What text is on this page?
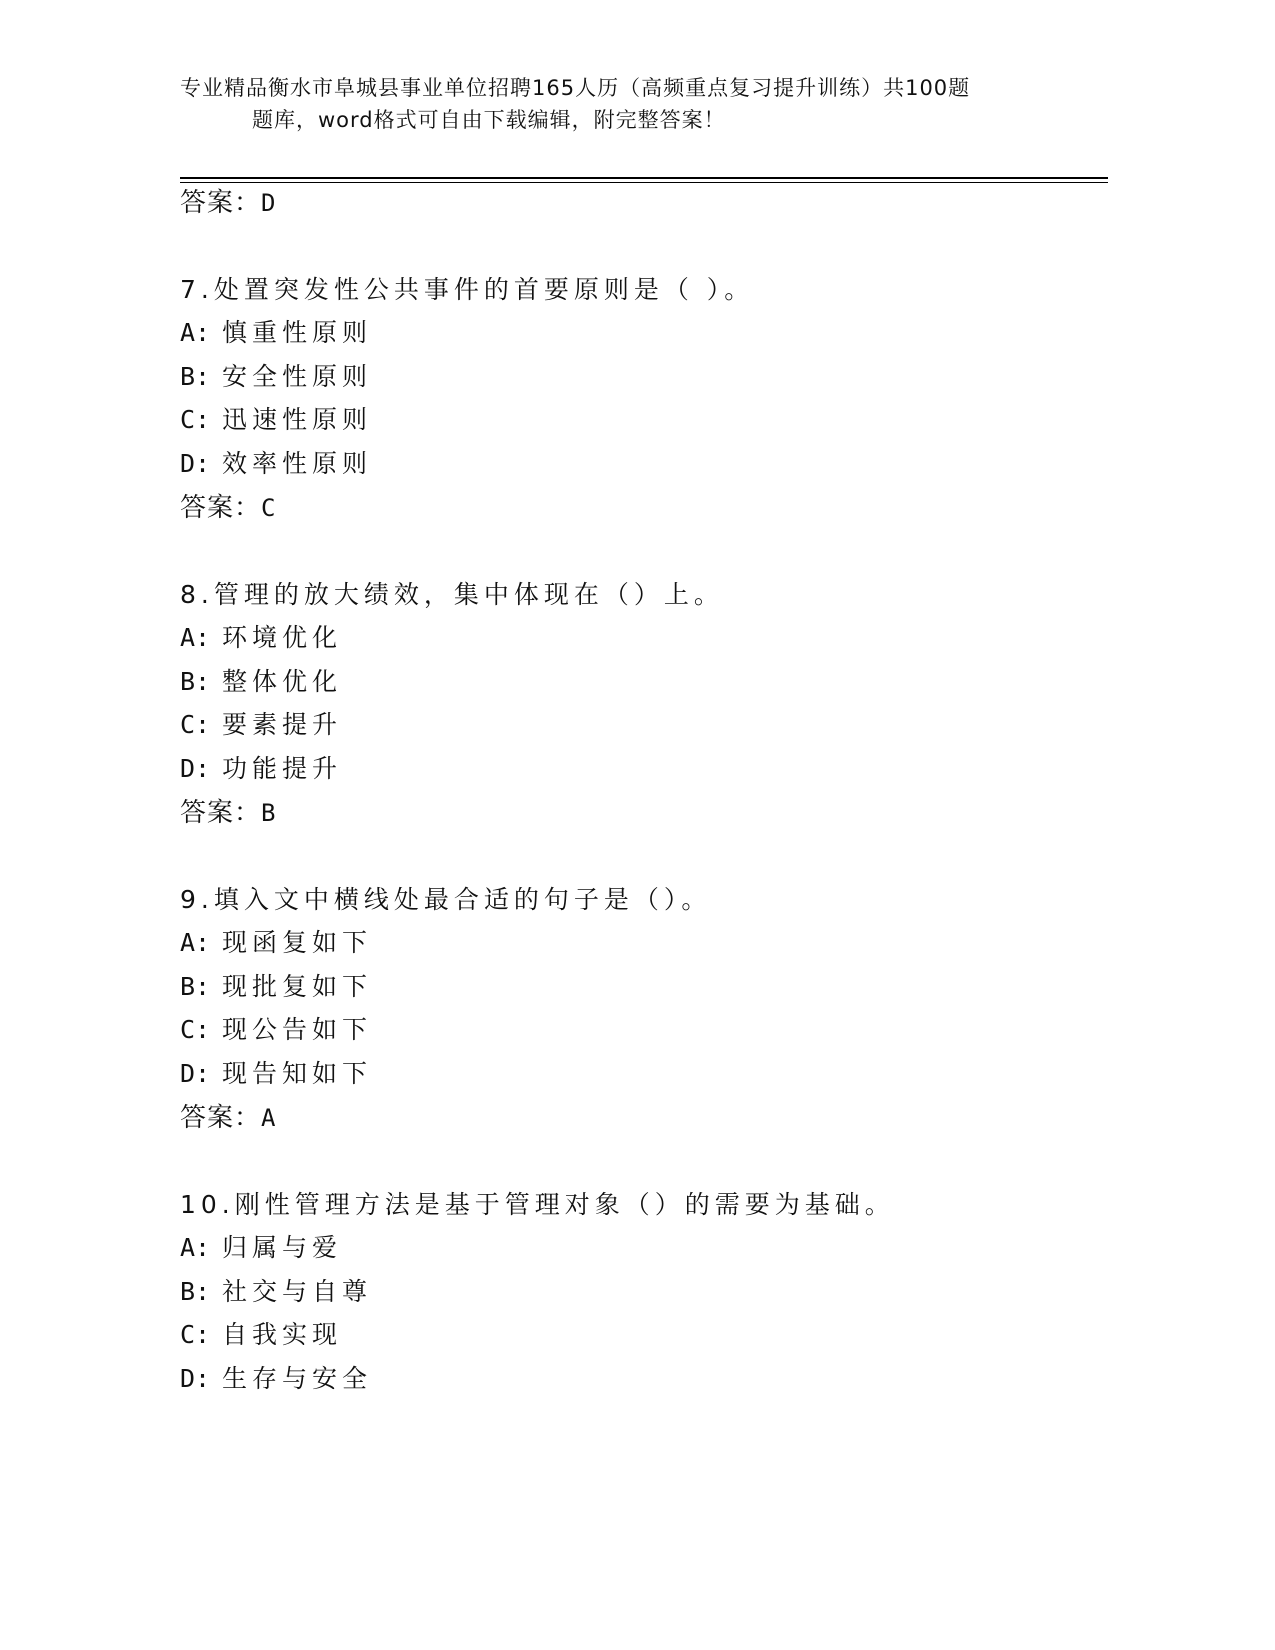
专业精品衡水市阜城县事业单位招聘165人历（高频重点复习提升训练）共100题
题库，word格式可自由下载编辑，附完整答案！
答案：D
7.处置突发性公共事件的首要原则是（ ）。
A: 慎重性原则
B: 安全性原则
C: 迅速性原则
D: 效率性原则
答案：C
8.管理的放大绩效，集中体现在（）上。
A: 环境优化
B: 整体优化
C: 要素提升
D: 功能提升
答案：B
9.填入文中横线处最合适的句子是（）。
A: 现函复如下
B: 现批复如下
C: 现公告如下
D: 现告知如下
答案：A
10.刚性管理方法是基于管理对象（）的需要为基础。
A: 归属与爱
B: 社交与自尊
C: 自我实现
D: 生存与安全
